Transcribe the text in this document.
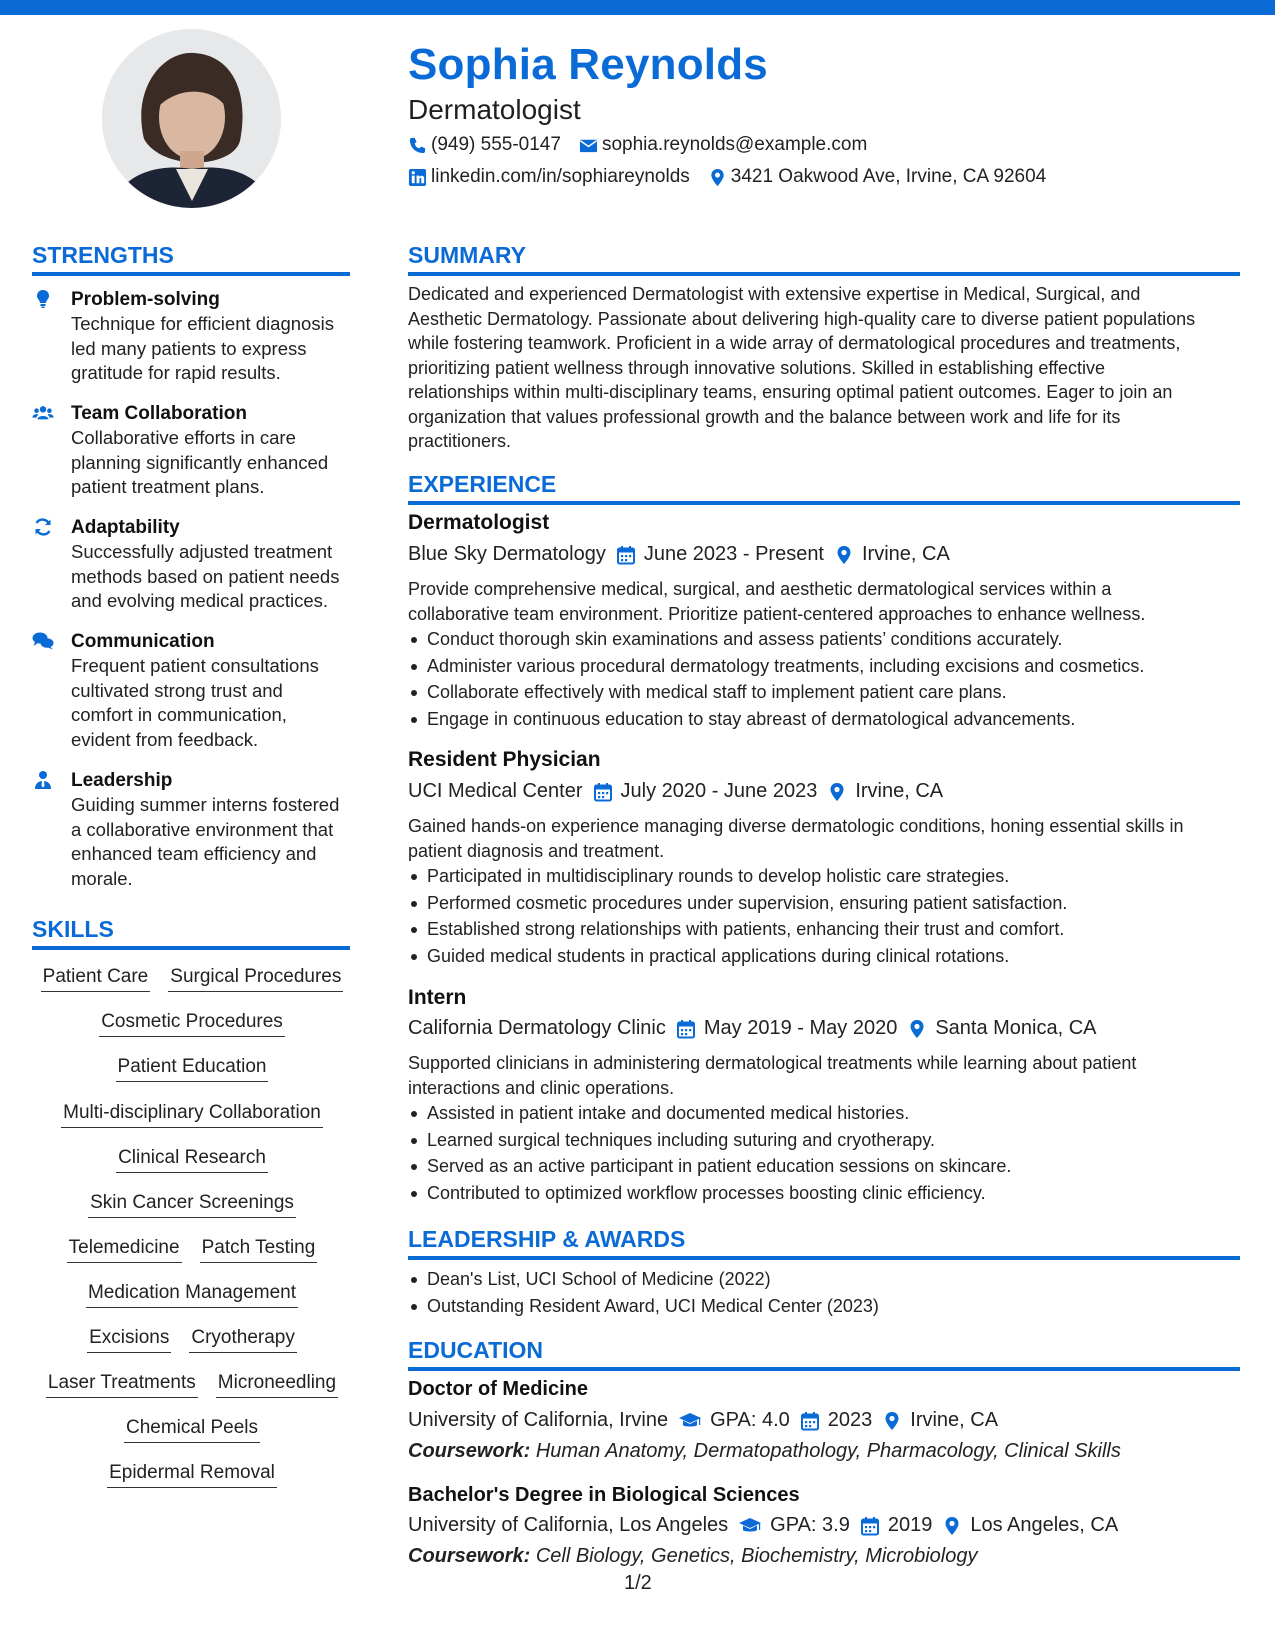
Sophia Reynolds
Dermatologist
(949) 555-0147 sophia.reynolds@example.com
linkedin.com/in/sophiareynolds 3421 Oakwood Ave, Irvine, CA 92604
STRENGTHS
Problem-solving
Technique for efficient diagnosis
led many patients to express
gratitude for rapid results.
Team Collaboration
Collaborative efforts in care
planning significantly enhanced
patient treatment plans.
Adaptability
Successfully adjusted treatment
methods based on patient needs
and evolving medical practices.
Communication
Frequent patient consultations
cultivated strong trust and
comfort in communication,
evident from feedback.
Leadership
Guiding summer interns fostered
a collaborative environment that
enhanced team efficiency and
morale.
SKILLS
Patient Care Surgical Procedures
Cosmetic Procedures
Patient Education
Multi-disciplinary Collaboration
Clinical Research
Skin Cancer Screenings
Telemedicine Patch Testing
Medication Management
Excisions Cryotherapy
Laser Treatments Microneedling
Chemical Peels
Epidermal Removal
SUMMARY
Dedicated and experienced Dermatologist with extensive expertise in Medical, Surgical, and
Aesthetic Dermatology. Passionate about delivering high-quality care to diverse patient populations
while fostering teamwork. Proficient in a wide array of dermatological procedures and treatments,
prioritizing patient wellness through innovative solutions. Skilled in establishing effective
relationships within multi-disciplinary teams, ensuring optimal patient outcomes. Eager to join an
organization that values professional growth and the balance between work and life for its
practitioners.
EXPERIENCE
Dermatologist
Blue Sky Dermatology June 2023 - Present Irvine, CA
Provide comprehensive medical, surgical, and aesthetic dermatological services within a
collaborative team environment. Prioritize patient-centered approaches to enhance wellness.
Conduct thorough skin examinations and assess patients’ conditions accurately.
Administer various procedural dermatology treatments, including excisions and cosmetics.
Collaborate effectively with medical staff to implement patient care plans.
Engage in continuous education to stay abreast of dermatological advancements.
Resident Physician
UCI Medical Center July 2020 - June 2023 Irvine, CA
Gained hands-on experience managing diverse dermatologic conditions, honing essential skills in
patient diagnosis and treatment.
Participated in multidisciplinary rounds to develop holistic care strategies.
Performed cosmetic procedures under supervision, ensuring patient satisfaction.
Established strong relationships with patients, enhancing their trust and comfort.
Guided medical students in practical applications during clinical rotations.
Intern
California Dermatology Clinic May 2019 - May 2020 Santa Monica, CA
Supported clinicians in administering dermatological treatments while learning about patient
interactions and clinic operations.
Assisted in patient intake and documented medical histories.
Learned surgical techniques including suturing and cryotherapy.
Served as an active participant in patient education sessions on skincare.
Contributed to optimized workflow processes boosting clinic efficiency.
LEADERSHIP & AWARDS
Dean's List, UCI School of Medicine (2022)
Outstanding Resident Award, UCI Medical Center (2023)
EDUCATION
Doctor of Medicine
University of California, Irvine GPA: 4.0 2023 Irvine, CA
Coursework: Human Anatomy, Dermatopathology, Pharmacology, Clinical Skills
Bachelor's Degree in Biological Sciences
University of California, Los Angeles GPA: 3.9 2019 Los Angeles, CA
Coursework: Cell Biology, Genetics, Biochemistry, Microbiology
1/2
